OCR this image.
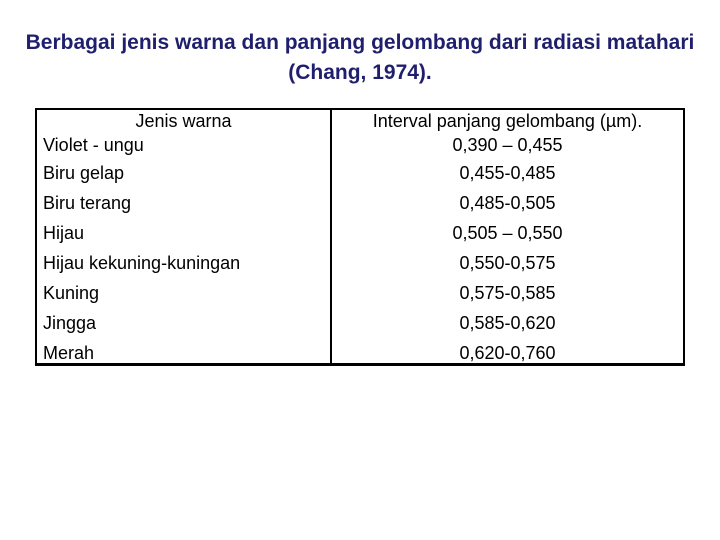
Berbagai jenis warna dan panjang gelombang dari radiasi matahari
(Chang, 1974).
Jenis warna	Interval panjang gelombang (µm).
Violet - ungu	0,390 – 0,455
Biru gelap	0,455-0,485
Biru terang	0,485-0,505
Hijau	0,505 – 0,550
Hijau kekuning-kuningan	0,550-0,575
Kuning	0,575-0,585
Jingga	0,585-0,620
Merah	0,620-0,760
